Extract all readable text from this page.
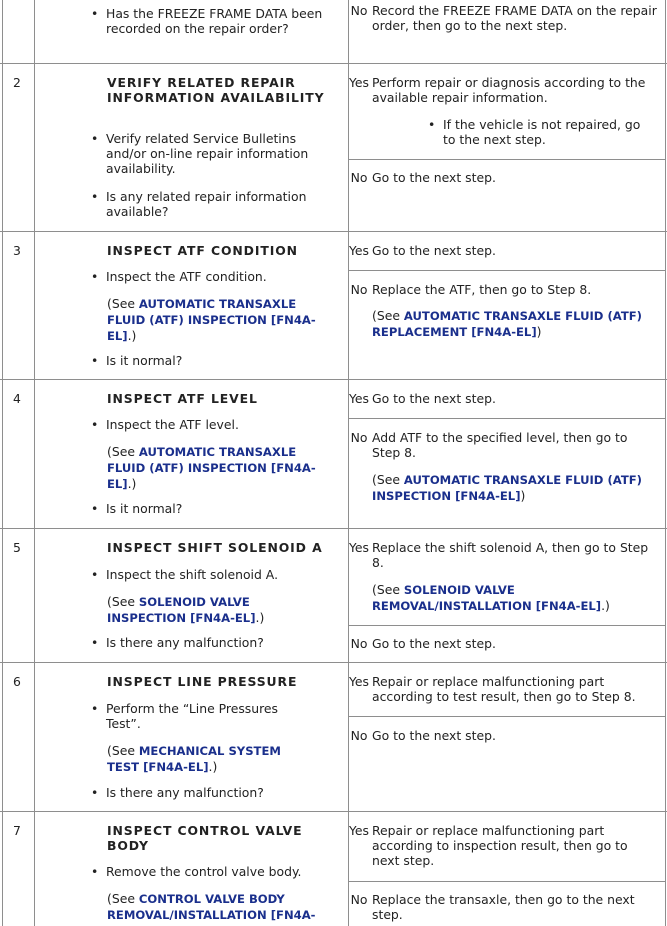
• Has the FREEZE FRAME DATA been recorded on the repair order?
No Record the FREEZE FRAME DATA on the repair order, then go to the next step.
2	VERIFY RELATED REPAIR INFORMATION AVAILABILITY
• Verify related Service Bulletins and/or on-line repair information availability.
• Is any related repair information available?
Yes Perform repair or diagnosis according to the available repair information.
• If the vehicle is not repaired, go to the next step.
No Go to the next step.
3	INSPECT ATF CONDITION
• Inspect the ATF condition.
(See AUTOMATIC TRANSAXLE FLUID (ATF) INSPECTION [FN4A-EL].)
• Is it normal?
Yes Go to the next step.
No Replace the ATF, then go to Step 8.
(See AUTOMATIC TRANSAXLE FLUID (ATF) REPLACEMENT [FN4A-EL])
4	INSPECT ATF LEVEL
• Inspect the ATF level.
(See AUTOMATIC TRANSAXLE FLUID (ATF) INSPECTION [FN4A-EL].)
• Is it normal?
Yes Go to the next step.
No Add ATF to the specified level, then go to Step 8.
(See AUTOMATIC TRANSAXLE FLUID (ATF) INSPECTION [FN4A-EL])
5	INSPECT SHIFT SOLENOID A
• Inspect the shift solenoid A.
(See SOLENOID VALVE INSPECTION [FN4A-EL].)
• Is there any malfunction?
Yes Replace the shift solenoid A, then go to Step 8.
(See SOLENOID VALVE REMOVAL/INSTALLATION [FN4A-EL].)
No Go to the next step.
6	INSPECT LINE PRESSURE
• Perform the “Line Pressures Test”.
(See MECHANICAL SYSTEM TEST [FN4A-EL].)
• Is there any malfunction?
Yes Repair or replace malfunctioning part according to test result, then go to Step 8.
No Go to the next step.
7	INSPECT CONTROL VALVE BODY
• Remove the control valve body.
(See CONTROL VALVE BODY REMOVAL/INSTALLATION [FN4A-
Yes Repair or replace malfunctioning part according to inspection result, then go to next step.
No Replace the transaxle, then go to the next step.
